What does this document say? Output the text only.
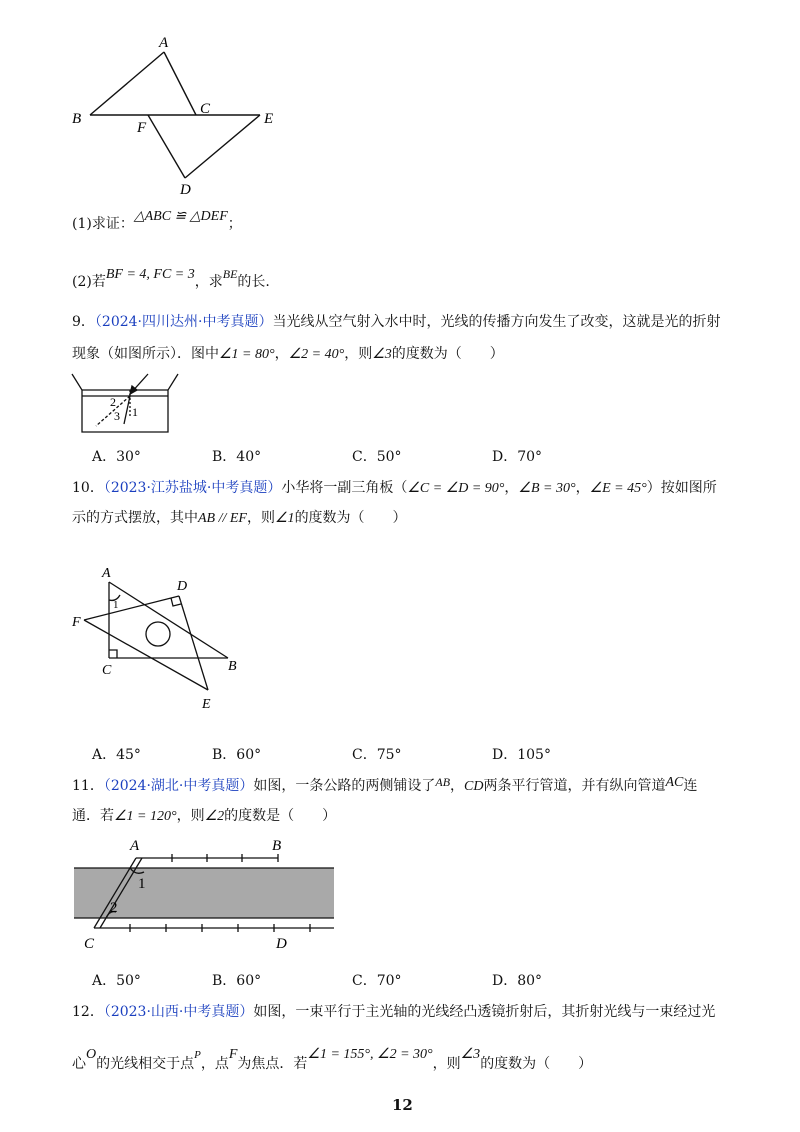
A
B
C
F
E
D
(1)求证：△ABC ≌ △DEF；
(2)若BF = 4, FC = 3，求BE的长.
9．（2024·四川达州·中考真题）当光线从空气射入水中时，光线的传播方向发生了改变，这就是光的折射
现象（如图所示）．图中∠1 = 80°，∠2 = 40°，则∠3的度数为（　　）
2
3 1
A．30°	B．40°	C．50°	D．70°
10．（2023·江苏盐城·中考真题）小华将一副三角板（∠C = ∠D = 90°，∠B = 30°，∠E = 45°）按如图所
示的方式摆放，其中AB // EF，则∠1的度数为（　　）
A
D
F
C	B
E
1
A．45°	B．60°	C．75°	D．105°
11．（2024·湖北·中考真题）如图，一条公路的两侧铺设了AB，CD两条平行管道，并有纵向管道AC连
通．若∠1 = 120°，则∠2的度数是（　　）
A	B
C	D
1
2
A．50°	B．60°	C．70°	D．80°
12．（2023·山西·中考真题）如图，一束平行于主光轴的光线经凸透镜折射后，其折射光线与一束经过光
心O的光线相交于点$^P$，点F为焦点．若∠1 = 155°, ∠2 = 30°，则∠3的度数为（　　）
12
